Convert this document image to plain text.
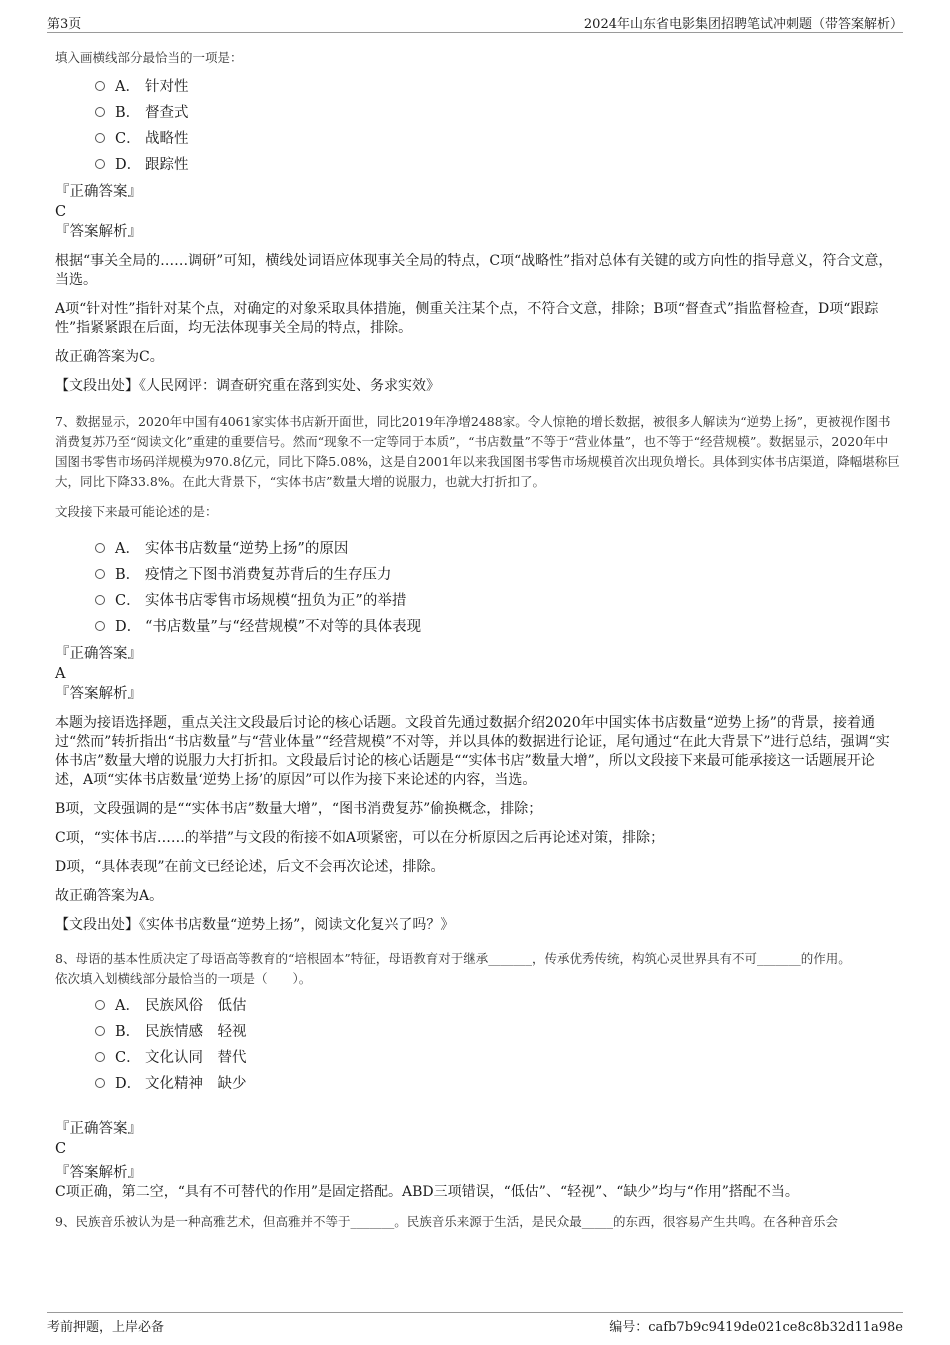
第3页	2024年山东省电影集团招聘笔试冲刺题（带答案解析）
填入画横线部分最恰当的一项是：
A． 针对性
B． 督查式
C． 战略性
D． 跟踪性
『正确答案』
C
『答案解析』
根据“事关全局的……调研”可知，横线处词语应体现事关全局的特点，C项“战略性”指对总体有关键的或方向性的指导意义，符合文意，当选。
A项“针对性”指针对某个点，对确定的对象采取具体措施，侧重关注某个点，不符合文意，排除；B项“督查式”指监督检查，D项“跟踪性”指紧紧跟在后面，均无法体现事关全局的特点，排除。
故正确答案为C。
【文段出处】《人民网评：调查研究重在落到实处、务求实效》
7、数据显示，2020年中国有4061家实体书店新开面世，同比2019年净增2488家。令人惊艳的增长数据，被很多人解读为“逆势上扬”，更被视作图书消费复苏乃至“阅读文化”重建的重要信号。然而“现象不一定等同于本质”，“书店数量”不等于“营业体量”，也不等于“经营规模”。数据显示，2020年中国图书零售市场码洋规模为970.8亿元，同比下降5.08%，这是自2001年以来我国图书零售市场规模首次出现负增长。具体到实体书店渠道，降幅堪称巨大，同比下降33.8%。在此大背景下，“实体书店”数量大增的说服力，也就大打折扣了。
文段接下来最可能论述的是：
A． 实体书店数量“逆势上扬”的原因
B． 疫情之下图书消费复苏背后的生存压力
C． 实体书店零售市场规模“扭负为正”的举措
D． “书店数量”与“经营规模”不对等的具体表现
『正确答案』
A
『答案解析』
本题为接语选择题，重点关注文段最后讨论的核心话题。文段首先通过数据介绍2020年中国实体书店数量“逆势上扬”的背景，接着通过“然而”转折指出“书店数量”与“营业体量”“经营规模”不对等，并以具体的数据进行论证，尾句通过“在此大背景下”进行总结，强调“实体书店”数量大增的说服力大打折扣。文段最后讨论的核心话题是““实体书店”数量大增”，所以文段接下来最可能承接这一话题展开论述，A项“实体书店数量‘逆势上扬’的原因”可以作为接下来论述的内容，当选。
B项，文段强调的是““实体书店”数量大增”，“图书消费复苏”偷换概念，排除；
C项，“实体书店……的举措”与文段的衔接不如A项紧密，可以在分析原因之后再论述对策，排除；
D项，“具体表现”在前文已经论述，后文不会再次论述，排除。
故正确答案为A。
【文段出处】《实体书店数量“逆势上扬”，阅读文化复兴了吗？》
8、母语的基本性质决定了母语高等教育的“培根固本”特征，母语教育对于继承_______，传承优秀传统，构筑心灵世界具有不可_______的作用。
依次填入划横线部分最恰当的一项是（　　）。
A． 民族风俗　低估
B． 民族情感　轻视
C． 文化认同　替代
D． 文化精神　缺少
『正确答案』
C
『答案解析』
C项正确，第二空，“具有不可替代的作用”是固定搭配。ABD三项错误，“低估”、“轻视”、“缺少”均与“作用”搭配不当。
9、民族音乐被认为是一种高雅艺术，但高雅并不等于_______。民族音乐来源于生活，是民众最_____的东西，很容易产生共鸣。在各种音乐会
考前押题，上岸必备	编号：cafb7b9c9419de021ce8c8b32d11a98e
